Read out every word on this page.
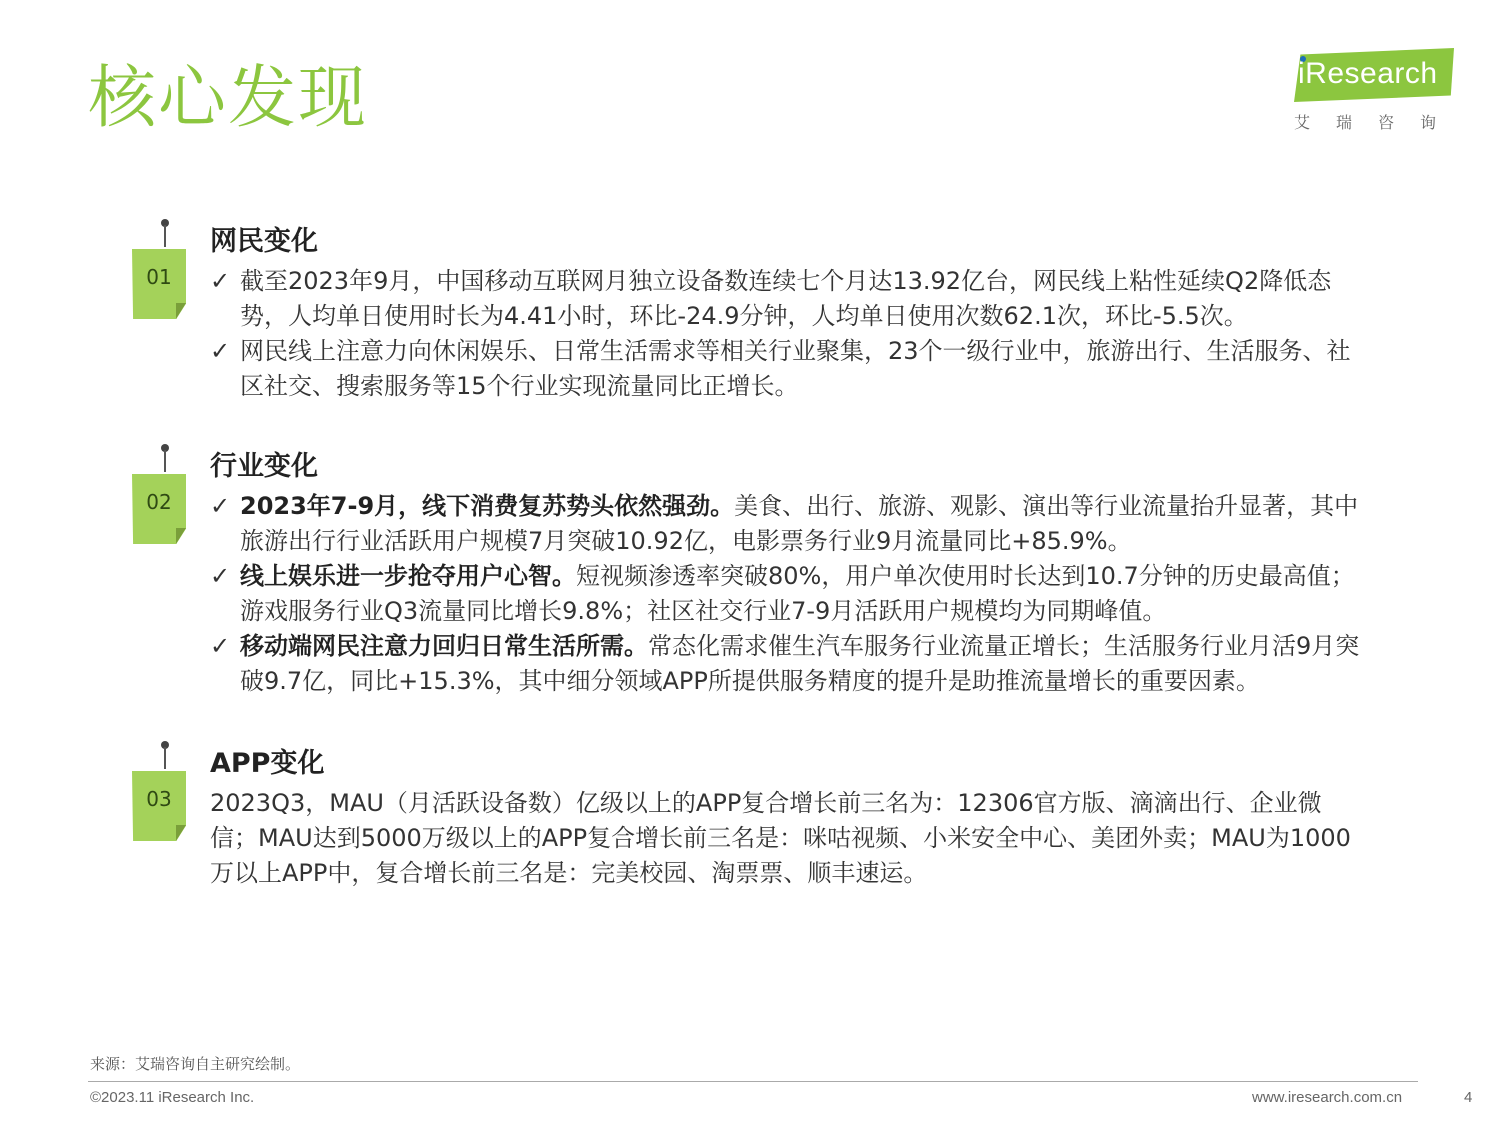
核心发现	iResearch
艾瑞咨询
01
网民变化
✓ 截至2023年9月，中国移动互联网月独立设备数连续七个月达13.92亿台，网民线上粘性延续Q2降低态势，人均单日使用时长为4.41小时，环比-24.9分钟，人均单日使用次数62.1次，环比-5.5次。
✓ 网民线上注意力向休闲娱乐、日常生活需求等相关行业聚集，23个一级行业中，旅游出行、生活服务、社区社交、搜索服务等15个行业实现流量同比正增长。
02
行业变化
✓ 2023年7-9月，线下消费复苏势头依然强劲。美食、出行、旅游、观影、演出等行业流量抬升显著，其中旅游出行行业活跃用户规模7月突破10.92亿，电影票务行业9月流量同比+85.9%。
✓ 线上娱乐进一步抢夺用户心智。短视频渗透率突破80%，用户单次使用时长达到10.7分钟的历史最高值；游戏服务行业Q3流量同比增长9.8%；社区社交行业7-9月活跃用户规模均为同期峰值。
✓ 移动端网民注意力回归日常生活所需。常态化需求催生汽车服务行业流量正增长；生活服务行业月活9月突破9.7亿，同比+15.3%，其中细分领域APP所提供服务精度的提升是助推流量增长的重要因素。
03
APP变化
2023Q3，MAU（月活跃设备数）亿级以上的APP复合增长前三名为：12306官方版、滴滴出行、企业微信；MAU达到5000万级以上的APP复合增长前三名是：咪咕视频、小米安全中心、美团外卖；MAU为1000万以上APP中，复合增长前三名是：完美校园、淘票票、顺丰速运。
来源：艾瑞咨询自主研究绘制。
©2023.11 iResearch Inc.	www.iresearch.com.cn	4
